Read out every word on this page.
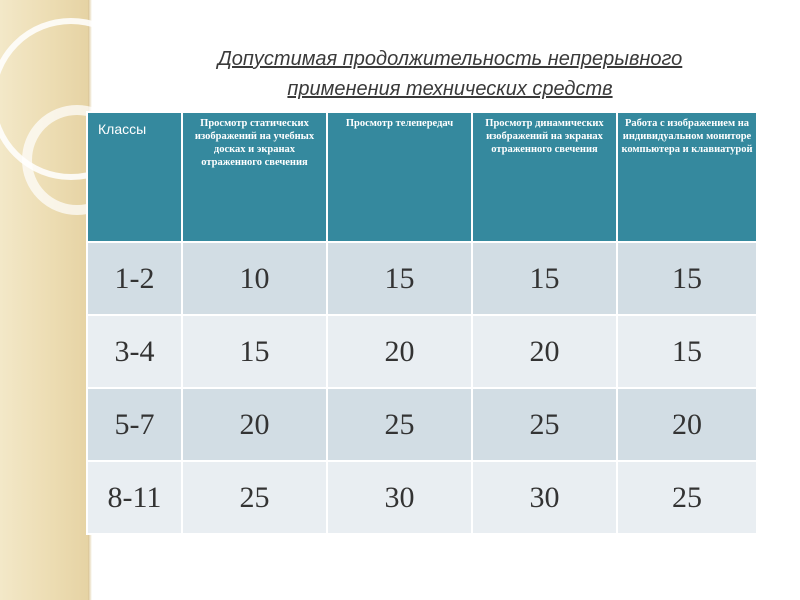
Допустимая продолжительность непрерывного
применения технических средств
Классы	Просмотр статических изображений на учебных досках и экранах отраженного свечения	Просмотр телепередач	Просмотр динамических изображений на экранах отраженного свечения	Работа с изображением на индивидуальном мониторе компьютера и клавиатурой
1-2	10	15	15	15
3-4	15	20	20	15
5-7	20	25	25	20
8-11	25	30	30	25
